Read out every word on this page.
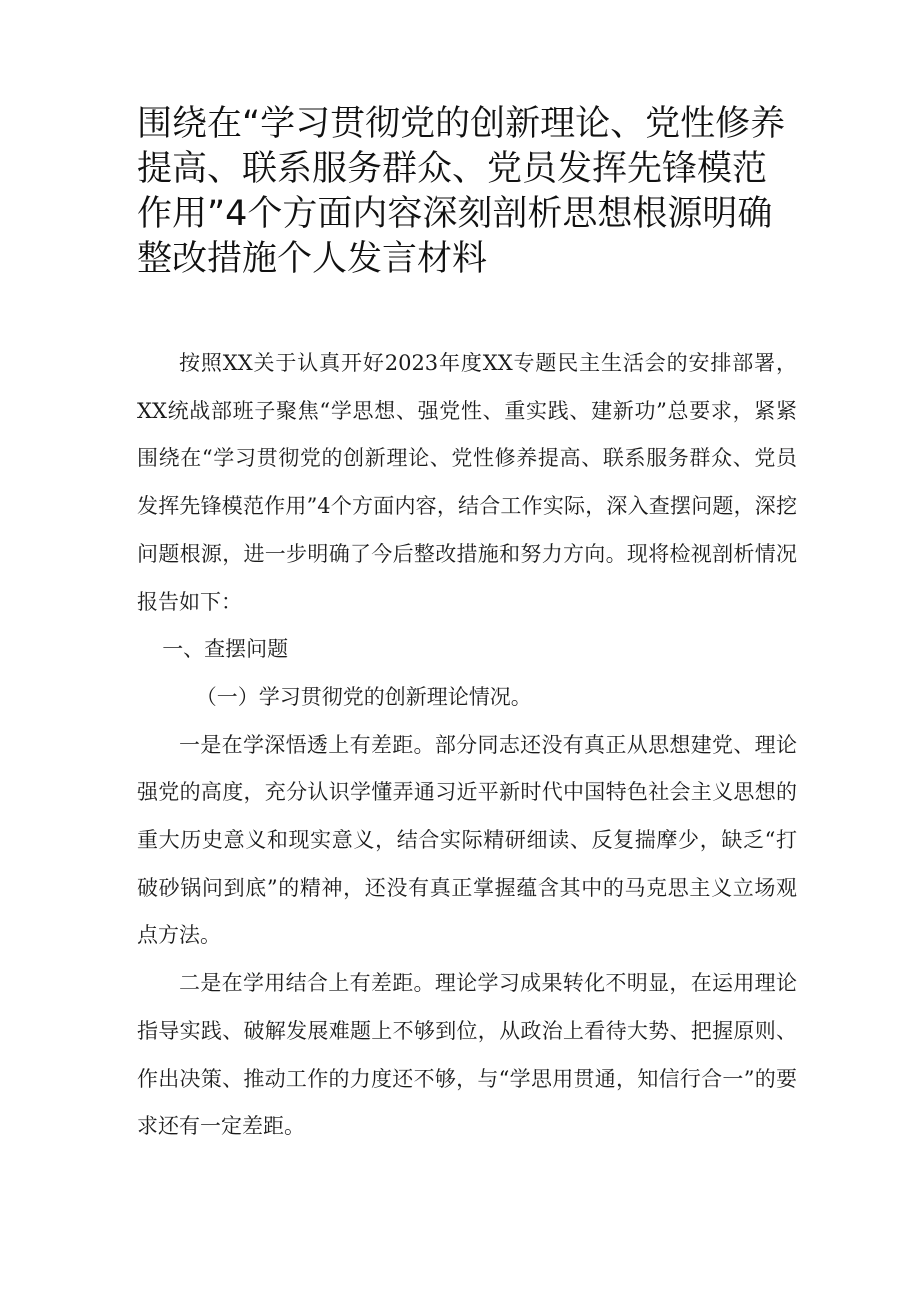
围绕在“学习贯彻党的创新理论、党性修养提高、联系服务群众、党员发挥先锋模范作用”4个方面内容深刻剖析思想根源明确整改措施个人发言材料

按照XX关于认真开好2023年度XX专题民主生活会的安排部署，XX统战部班子聚焦“学思想、强党性、重实践、建新功”总要求，紧紧围绕在“学习贯彻党的创新理论、党性修养提高、联系服务群众、党员发挥先锋模范作用”4个方面内容，结合工作实际，深入查摆问题，深挖问题根源，进一步明确了今后整改措施和努力方向。现将检视剖析情况报告如下：

一、查摆问题

（一）学习贯彻党的创新理论情况。

一是在学深悟透上有差距。部分同志还没有真正从思想建党、理论强党的高度，充分认识学懂弄通习近平新时代中国特色社会主义思想的重大历史意义和现实意义，结合实际精研细读、反复揣摩少，缺乏“打破砂锅问到底”的精神，还没有真正掌握蕴含其中的马克思主义立场观点方法。

二是在学用结合上有差距。理论学习成果转化不明显，在运用理论指导实践、破解发展难题上不够到位，从政治上看待大势、把握原则、作出决策、推动工作的力度还不够，与“学思用贯通，知信行合一”的要求还有一定差距。
